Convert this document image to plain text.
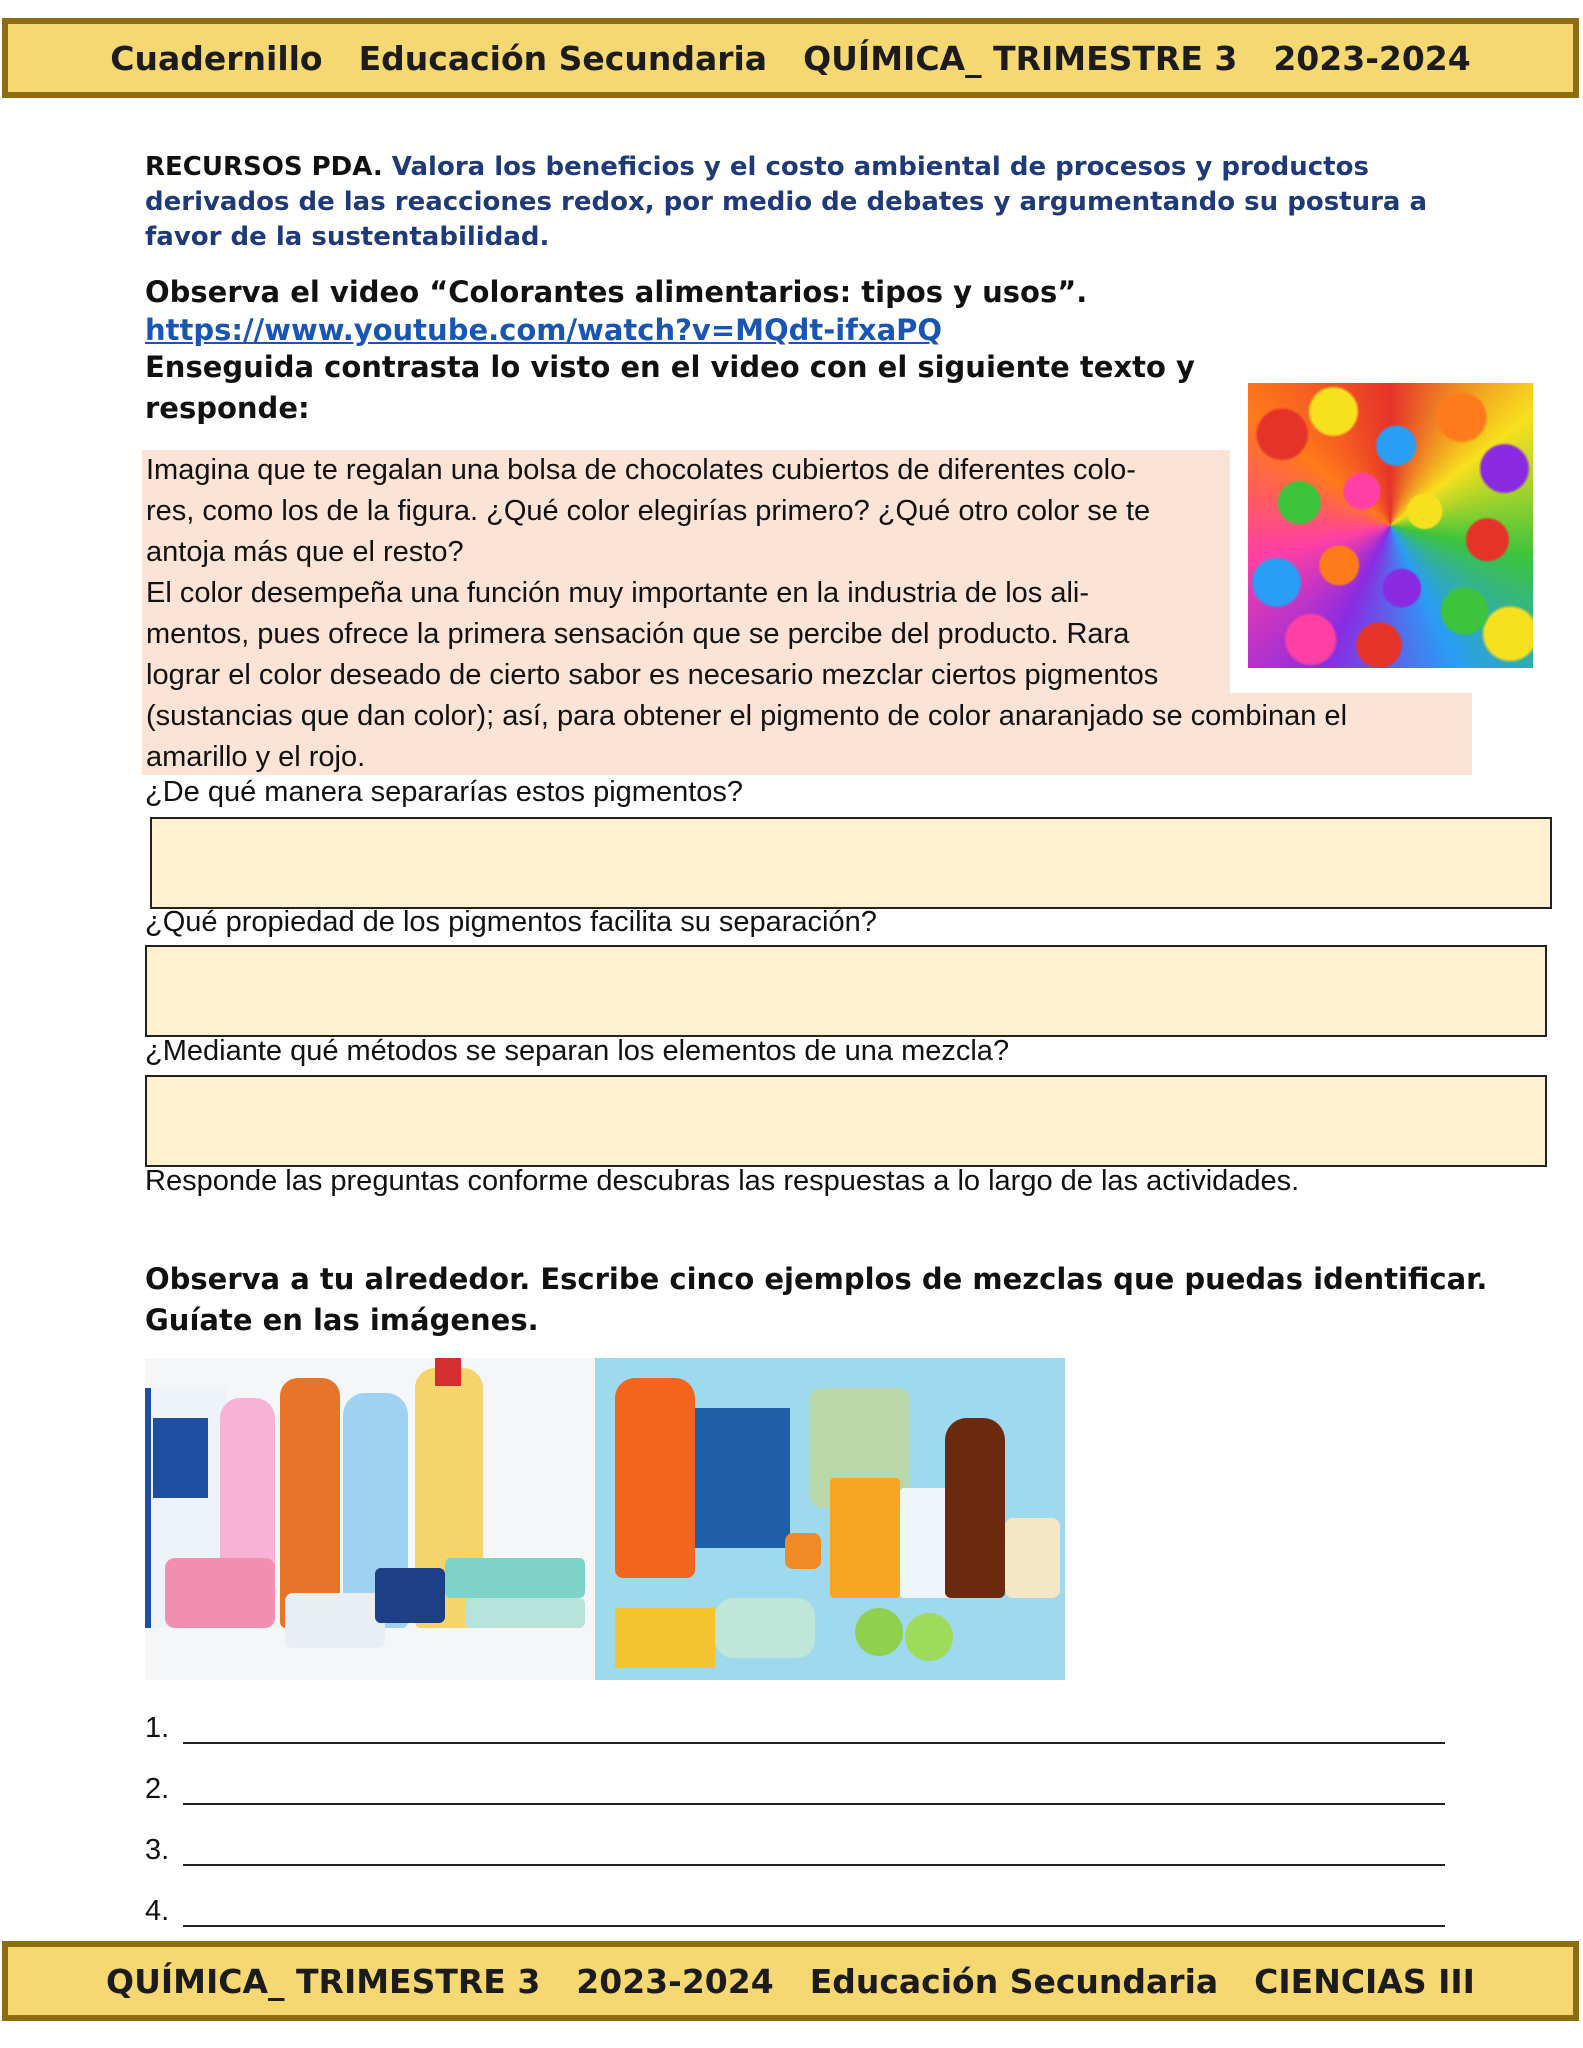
Cuadernillo Educación Secundaria QUÍMICA_ TRIMESTRE 3 2023-2024
RECURSOS PDA. Valora los beneficios y el costo ambiental de procesos y productos derivados de las reacciones redox, por medio de debates y argumentando su postura a favor de la sustentabilidad.
Observa el video “Colorantes alimentarios: tipos y usos”.
https://www.youtube.com/watch?v=MQdt-ifxaPQ
Enseguida contrasta lo visto en el video con el siguiente texto y
responde:
Imagina que te regalan una bolsa de chocolates cubiertos de diferentes colo-
res, como los de la figura. ¿Qué color elegirías primero? ¿Qué otro color se te
antoja más que el resto?
El color desempeña una función muy importante en la industria de los ali-
mentos, pues ofrece la primera sensación que se percibe del producto. Rara
lograr el color deseado de cierto sabor es necesario mezclar ciertos pigmentos
(sustancias que dan color); así, para obtener el pigmento de color anaranjado se combinan el
amarillo y el rojo.
¿De qué manera separarías estos pigmentos?
¿Qué propiedad de los pigmentos facilita su separación?
¿Mediante qué métodos se separan los elementos de una mezcla?
Responde las preguntas conforme descubras las respuestas a lo largo de las actividades.
Observa a tu alrededor. Escribe cinco ejemplos de mezclas que puedas identificar.
Guíate en las imágenes.
1.
2.
3.
4.
QUÍMICA_ TRIMESTRE 3 2023-2024 Educación Secundaria CIENCIAS III
